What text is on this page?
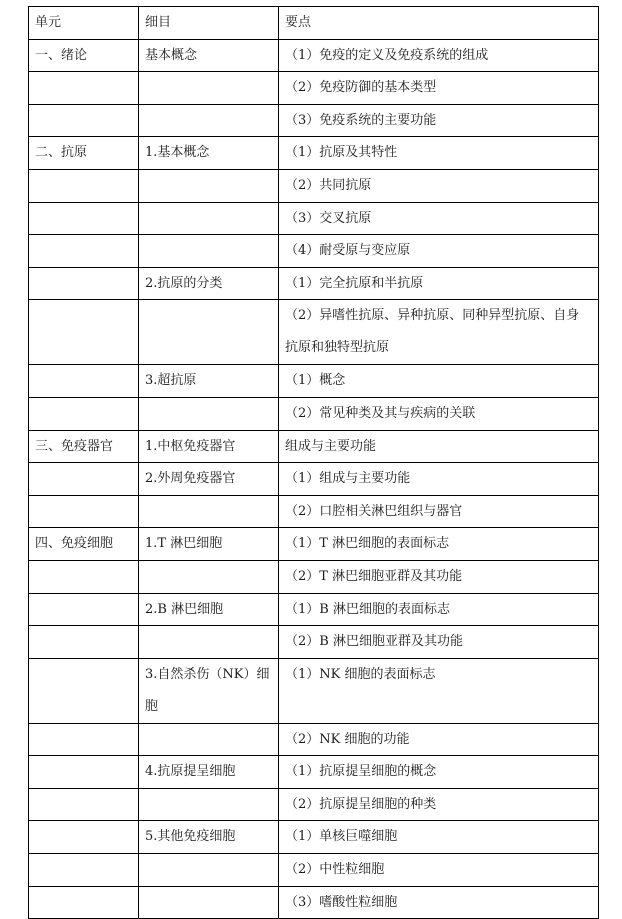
单元	细目	要点
一、绪论	基本概念	（1）免疫的定义及免疫系统的组成
		（2）免疫防御的基本类型
		（3）免疫系统的主要功能
二、抗原	1.基本概念	（1）抗原及其特性
		（2）共同抗原
		（3）交叉抗原
		（4）耐受原与变应原
	2.抗原的分类	（1）完全抗原和半抗原
		（2）异嗜性抗原、异种抗原、同种异型抗原、自身抗原和独特型抗原
	3.超抗原	（1）概念
		（2）常见种类及其与疾病的关联
三、免疫器官	1.中枢免疫器官	组成与主要功能
	2.外周免疫器官	（1）组成与主要功能
		（2）口腔相关淋巴组织与器官
四、免疫细胞	1.T 淋巴细胞	（1）T 淋巴细胞的表面标志
		（2）T 淋巴细胞亚群及其功能
	2.B 淋巴细胞	（1）B 淋巴细胞的表面标志
		（2）B 淋巴细胞亚群及其功能
	3.自然杀伤（NK）细胞	（1）NK 细胞的表面标志
		（2）NK 细胞的功能
	4.抗原提呈细胞	（1）抗原提呈细胞的概念
		（2）抗原提呈细胞的种类
	5.其他免疫细胞	（1）单核巨噬细胞
		（2）中性粒细胞
		（3）嗜酸性粒细胞
